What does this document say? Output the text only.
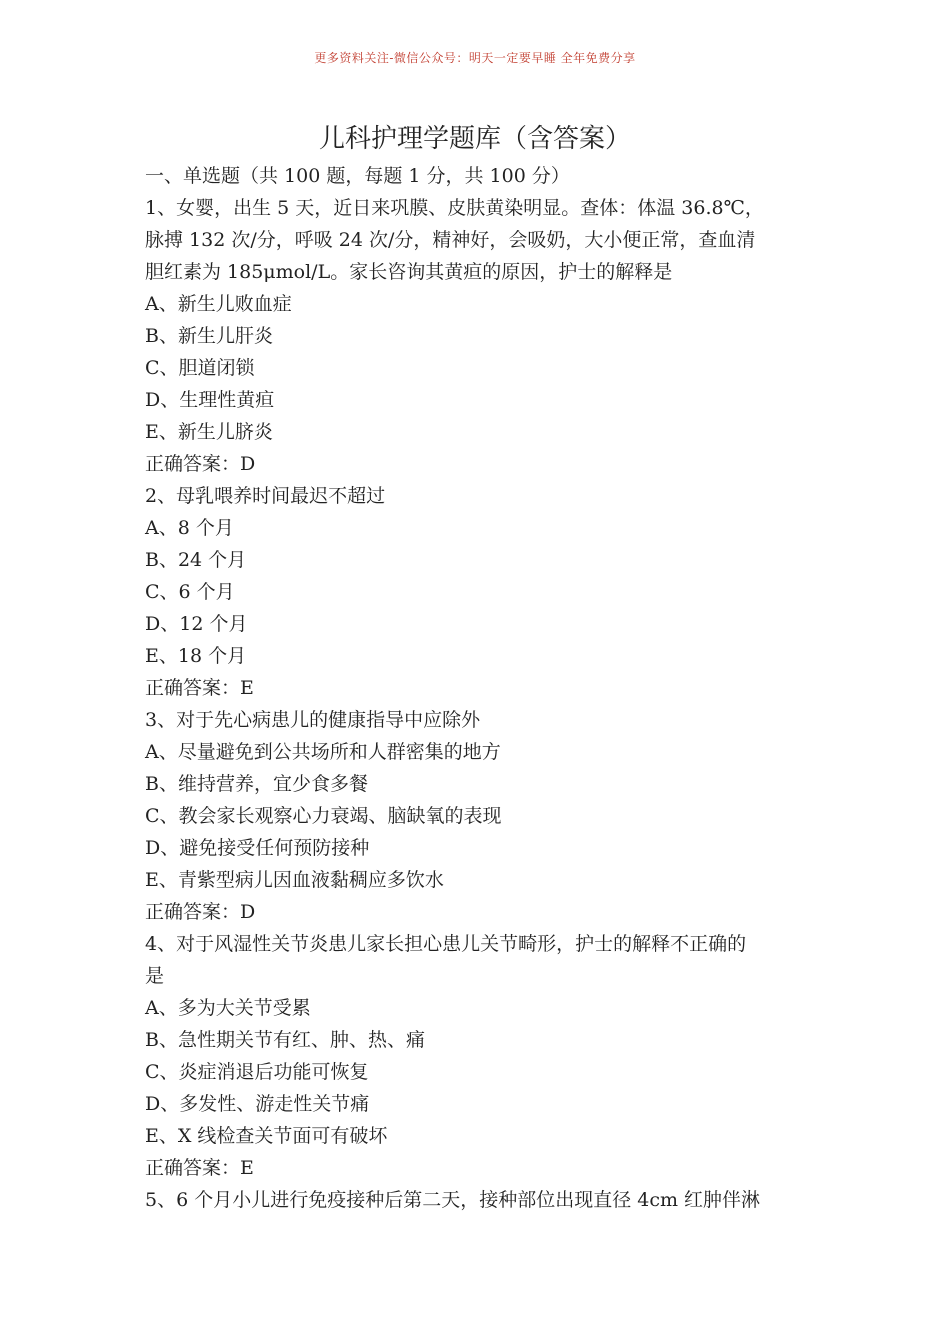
更多资料关注-微信公众号：明天一定要早睡 全年免费分享
儿科护理学题库（含答案）
一、单选题（共 100 题，每题 1 分，共 100 分）
1、女婴，出生 5 天，近日来巩膜、皮肤黄染明显。查体：体温 36.8℃，
脉搏 132 次/分，呼吸 24 次/分，精神好，会吸奶，大小便正常，查血清
胆红素为 185μmol/L。家长咨询其黄疸的原因，护士的解释是
A、新生儿败血症
B、新生儿肝炎
C、胆道闭锁
D、生理性黄疸
E、新生儿脐炎
正确答案：D
2、母乳喂养时间最迟不超过
A、8 个月
B、24 个月
C、6 个月
D、12 个月
E、18 个月
正确答案：E
3、对于先心病患儿的健康指导中应除外
A、尽量避免到公共场所和人群密集的地方
B、维持营养，宜少食多餐
C、教会家长观察心力衰竭、脑缺氧的表现
D、避免接受任何预防接种
E、青紫型病儿因血液黏稠应多饮水
正确答案：D
4、对于风湿性关节炎患儿家长担心患儿关节畸形，护士的解释不正确的
是
A、多为大关节受累
B、急性期关节有红、肿、热、痛
C、炎症消退后功能可恢复
D、多发性、游走性关节痛
E、X 线检查关节面可有破坏
正确答案：E
5、6 个月小儿进行免疫接种后第二天，接种部位出现直径 4cm 红肿伴淋
